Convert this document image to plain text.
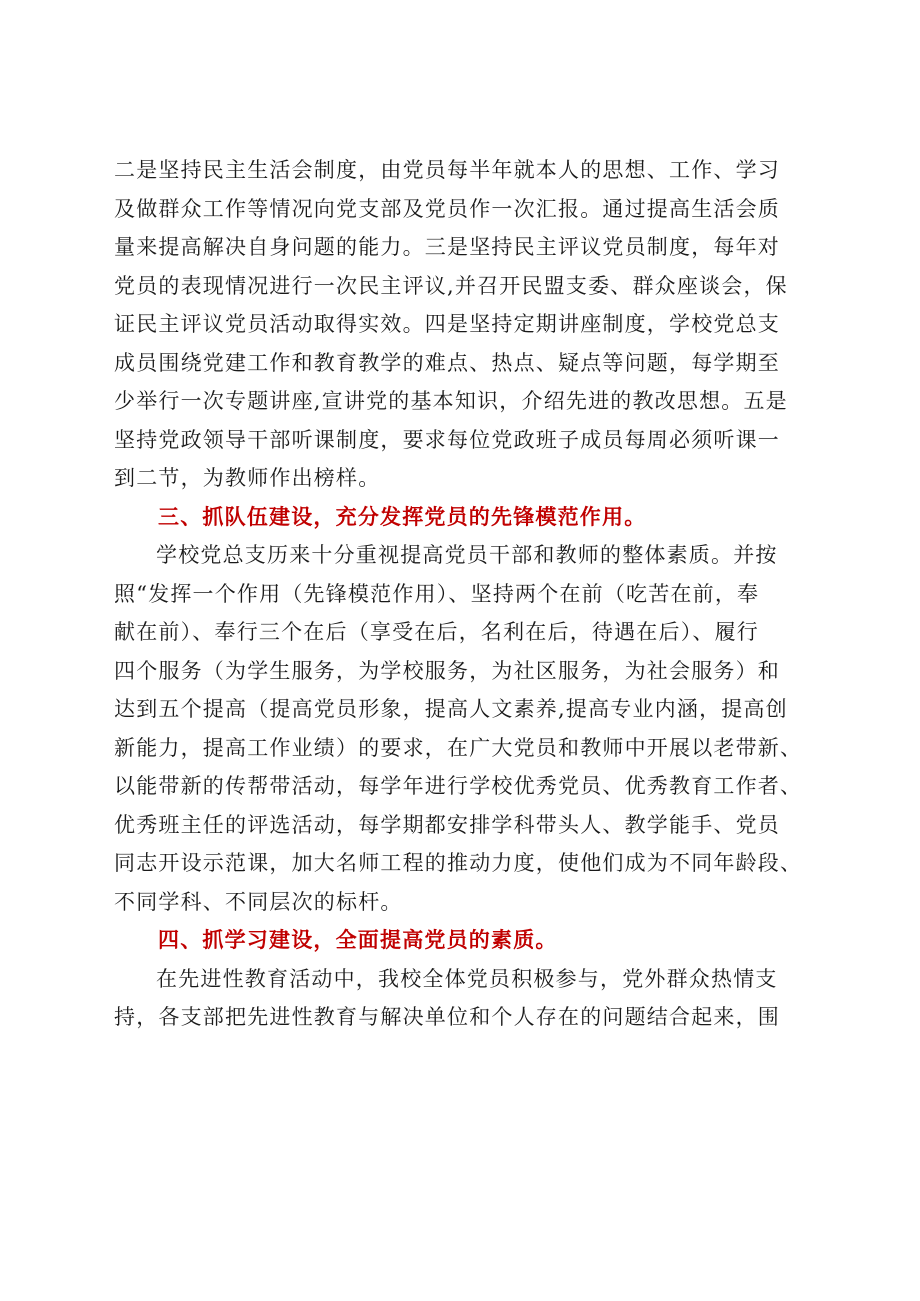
二是坚持民主生活会制度，由党员每半年就本人的思想、工作、学习
及做群众工作等情况向党支部及党员作一次汇报。通过提高生活会质
量来提高解决自身问题的能力。三是坚持民主评议党员制度，每年对
党员的表现情况进行一次民主评议,并召开民盟支委、群众座谈会，保
证民主评议党员活动取得实效。四是坚持定期讲座制度，学校党总支
成员围绕党建工作和教育教学的难点、热点、疑点等问题，每学期至
少举行一次专题讲座,宣讲党的基本知识，介绍先进的教改思想。五是
坚持党政领导干部听课制度，要求每位党政班子成员每周必须听课一
到二节，为教师作出榜样。

三、抓队伍建设，充分发挥党员的先锋模范作用。

学校党总支历来十分重视提高党员干部和教师的整体素质。并按
照“发挥一个作用（先锋模范作用）、坚持两个在前（吃苦在前，奉
献在前）、奉行三个在后（享受在后，名利在后，待遇在后）、履行
四个服务（为学生服务，为学校服务，为社区服务，为社会服务）和
达到五个提高（提高党员形象，提高人文素养,提高专业内涵，提高创
新能力，提高工作业绩）的要求，在广大党员和教师中开展以老带新、
以能带新的传帮带活动，每学年进行学校优秀党员、优秀教育工作者、
优秀班主任的评选活动，每学期都安排学科带头人、教学能手、党员
同志开设示范课，加大名师工程的推动力度，使他们成为不同年龄段、
不同学科、不同层次的标杆。

四、抓学习建设，全面提高党员的素质。

在先进性教育活动中，我校全体党员积极参与，党外群众热情支
持，各支部把先进性教育与解决单位和个人存在的问题结合起来，围
